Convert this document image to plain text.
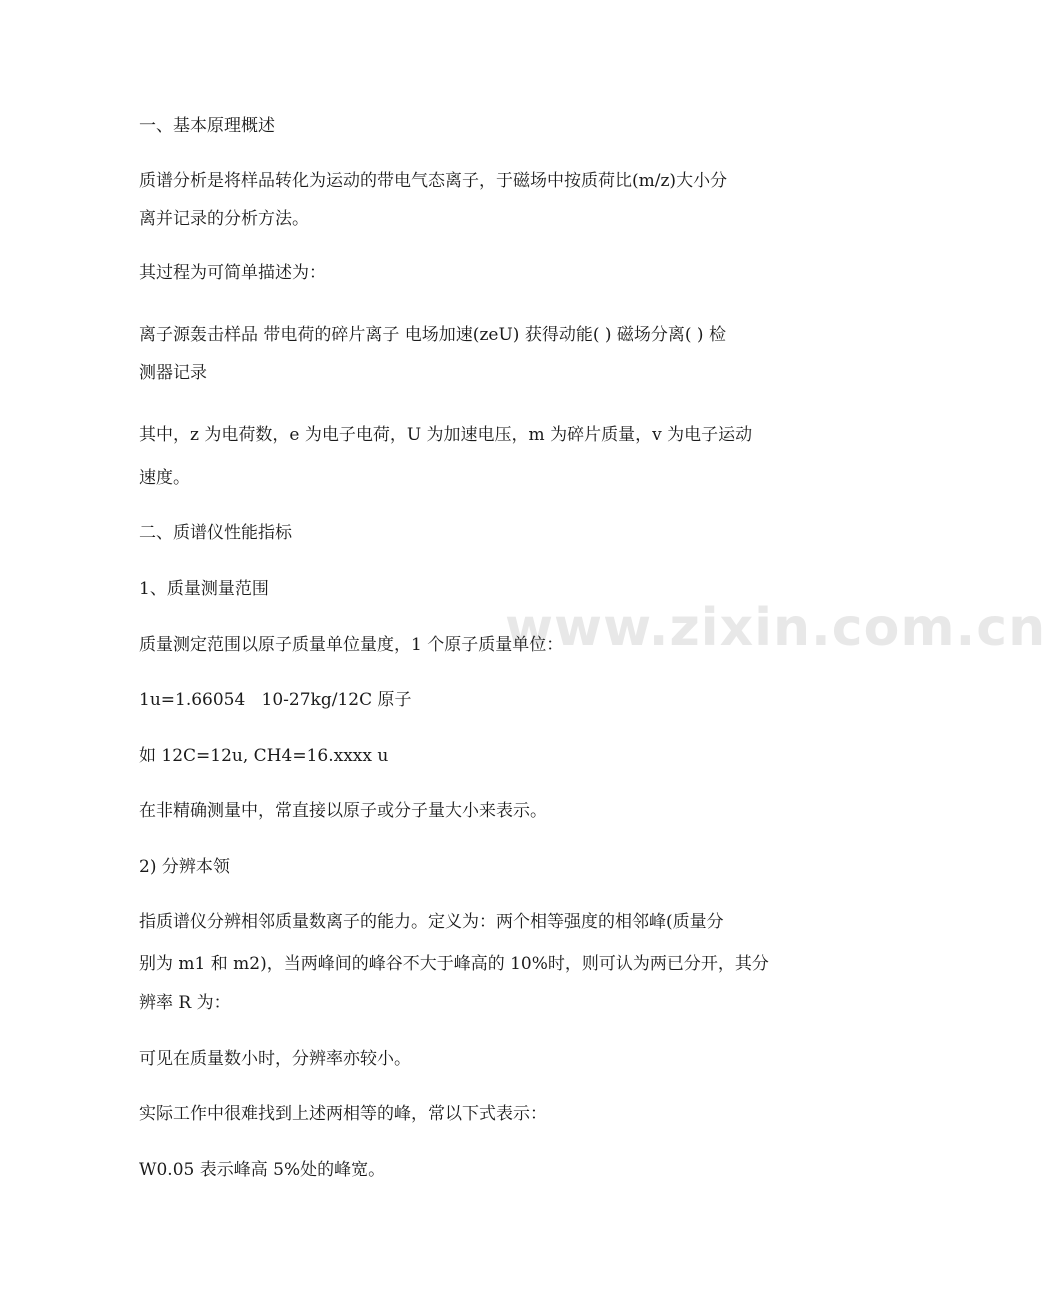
www.zixin.com.cn

一、基本原理概述

质谱分析是将样品转化为运动的带电气态离子，于磁场中按质荷比(m/z)大小分

离并记录的分析方法。

其过程为可简单描述为：

离子源轰击样品 带电荷的碎片离子 电场加速(zeU) 获得动能( ) 磁场分离( ) 检

测器记录

其中，z 为电荷数，e 为电子电荷，U 为加速电压，m 为碎片质量，v 为电子运动

速度。

二、质谱仪性能指标

1、质量测量范围

质量测定范围以原子质量单位量度，1 个原子质量单位：

1u=1.66054   10-27kg/12C 原子

如 12C=12u, CH4=16.xxxx u

在非精确测量中，常直接以原子或分子量大小来表示。

2) 分辨本领

指质谱仪分辨相邻质量数离子的能力。定义为：两个相等强度的相邻峰(质量分

别为 m1 和 m2)，当两峰间的峰谷不大于峰高的 10%时，则可认为两已分开，其分

辨率 R 为：

可见在质量数小时，分辨率亦较小。

实际工作中很难找到上述两相等的峰，常以下式表示：

W0.05 表示峰高 5%处的峰宽。
